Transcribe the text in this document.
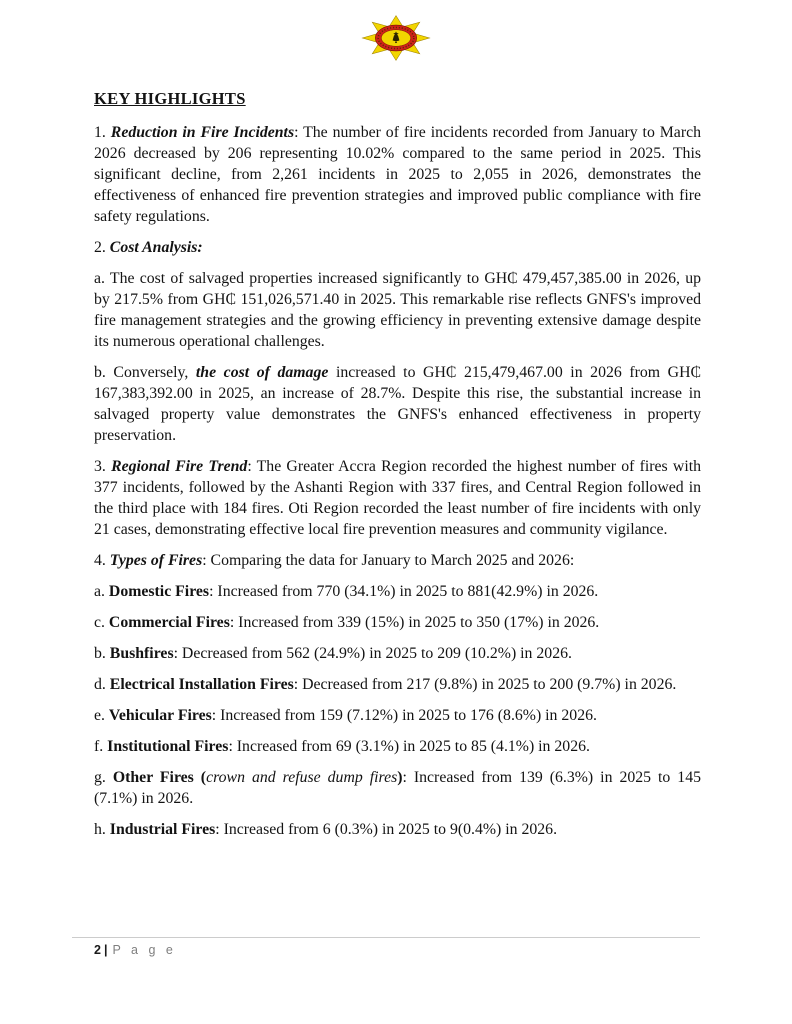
KEY HIGHLIGHTS

1. Reduction in Fire Incidents: The number of fire incidents recorded from January to March 2026 decreased by 206 representing 10.02% compared to the same period in 2025. This significant decline, from 2,261 incidents in 2025 to 2,055 in 2026, demonstrates the effectiveness of enhanced fire prevention strategies and improved public compliance with fire safety regulations.

2. Cost Analysis:

a. The cost of salvaged properties increased significantly to GH₵ 479,457,385.00 in 2026, up by 217.5% from GH₵ 151,026,571.40 in 2025. This remarkable rise reflects GNFS's improved fire management strategies and the growing efficiency in preventing extensive damage despite its numerous operational challenges.

b. Conversely, the cost of damage increased to GH₵ 215,479,467.00 in 2026 from GH₵ 167,383,392.00 in 2025, an increase of 28.7%. Despite this rise, the substantial increase in salvaged property value demonstrates the GNFS's enhanced effectiveness in property preservation.

3. Regional Fire Trend: The Greater Accra Region recorded the highest number of fires with 377 incidents, followed by the Ashanti Region with 337 fires, and Central Region followed in the third place with 184 fires. Oti Region recorded the least number of fire incidents with only 21 cases, demonstrating effective local fire prevention measures and community vigilance.

4. Types of Fires: Comparing the data for January to March 2025 and 2026:

a. Domestic Fires: Increased from 770 (34.1%) in 2025 to 881(42.9%) in 2026.

c. Commercial Fires: Increased from 339 (15%) in 2025 to 350 (17%) in 2026.

b. Bushfires: Decreased from 562 (24.9%) in 2025 to 209 (10.2%) in 2026.

d. Electrical Installation Fires: Decreased from 217 (9.8%) in 2025 to 200 (9.7%) in 2026.

e. Vehicular Fires: Increased from 159 (7.12%) in 2025 to 176 (8.6%) in 2026.

f. Institutional Fires: Increased from 69 (3.1%) in 2025 to 85 (4.1%) in 2026.

g. Other Fires (crown and refuse dump fires): Increased from 139 (6.3%) in 2025 to 145 (7.1%) in 2026.

h. Industrial Fires: Increased from 6 (0.3%) in 2025 to 9(0.4%) in 2026.

2 | P a g e
